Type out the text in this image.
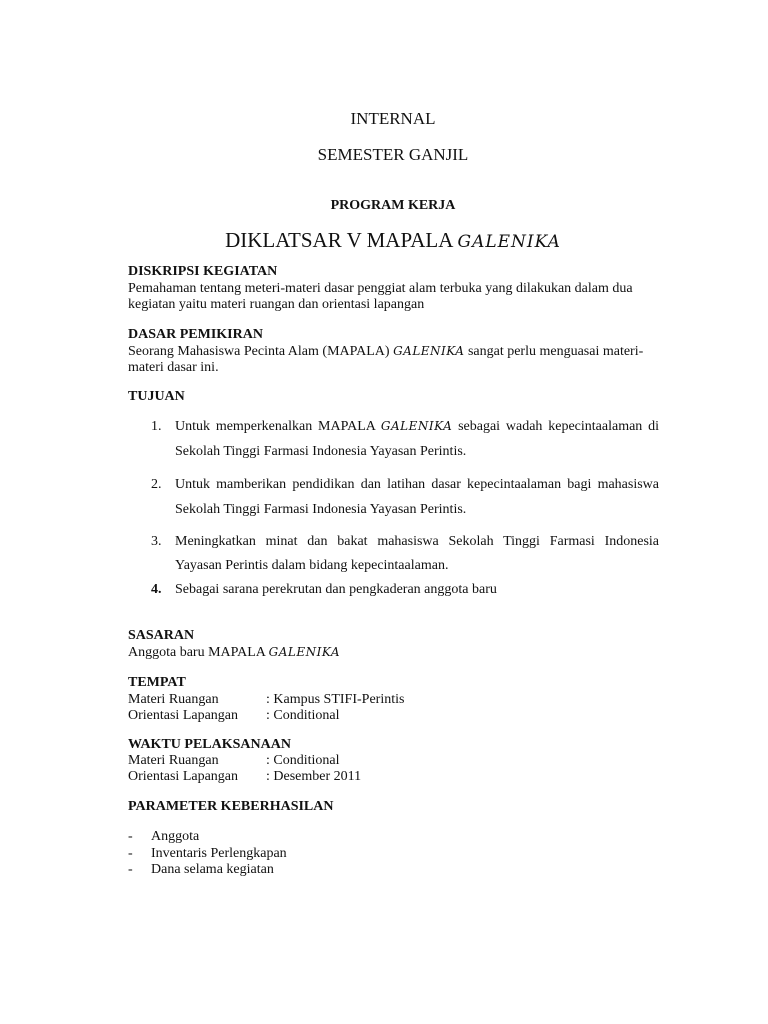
INTERNAL
SEMESTER GANJIL
PROGRAM KERJA
DIKLATSAR V MAPALA GALENIKA
DISKRIPSI KEGIATAN
Pemahaman tentang meteri-materi dasar penggiat alam terbuka yang dilakukan dalam dua
kegiatan yaitu materi ruangan dan orientasi lapangan
DASAR PEMIKIRAN
Seorang Mahasiswa Pecinta Alam (MAPALA) GALENIKA sangat perlu menguasai materi-
materi dasar ini.
TUJUAN
1. Untuk memperkenalkan MAPALA GALENIKA sebagai wadah kepecintaalaman di
Sekolah Tinggi Farmasi Indonesia Yayasan Perintis.
2. Untuk mamberikan pendidikan dan latihan dasar kepecintaalaman bagi mahasiswa
Sekolah Tinggi Farmasi Indonesia Yayasan Perintis.
3. Meningkatkan minat dan bakat mahasiswa Sekolah Tinggi Farmasi Indonesia
Yayasan Perintis dalam bidang kepecintaalaman.
4. Sebagai sarana perekrutan dan pengkaderan anggota baru
SASARAN
Anggota baru MAPALA GALENIKA
TEMPAT
Materi Ruangan	: Kampus STIFI-Perintis
Orientasi Lapangan : Conditional
WAKTU PELAKSANAAN
Materi Ruangan	: Conditional
Orientasi Lapangan : Desember 2011
PARAMETER KEBERHASILAN
- Anggota
- Inventaris Perlengkapan
- Dana selama kegiatan
